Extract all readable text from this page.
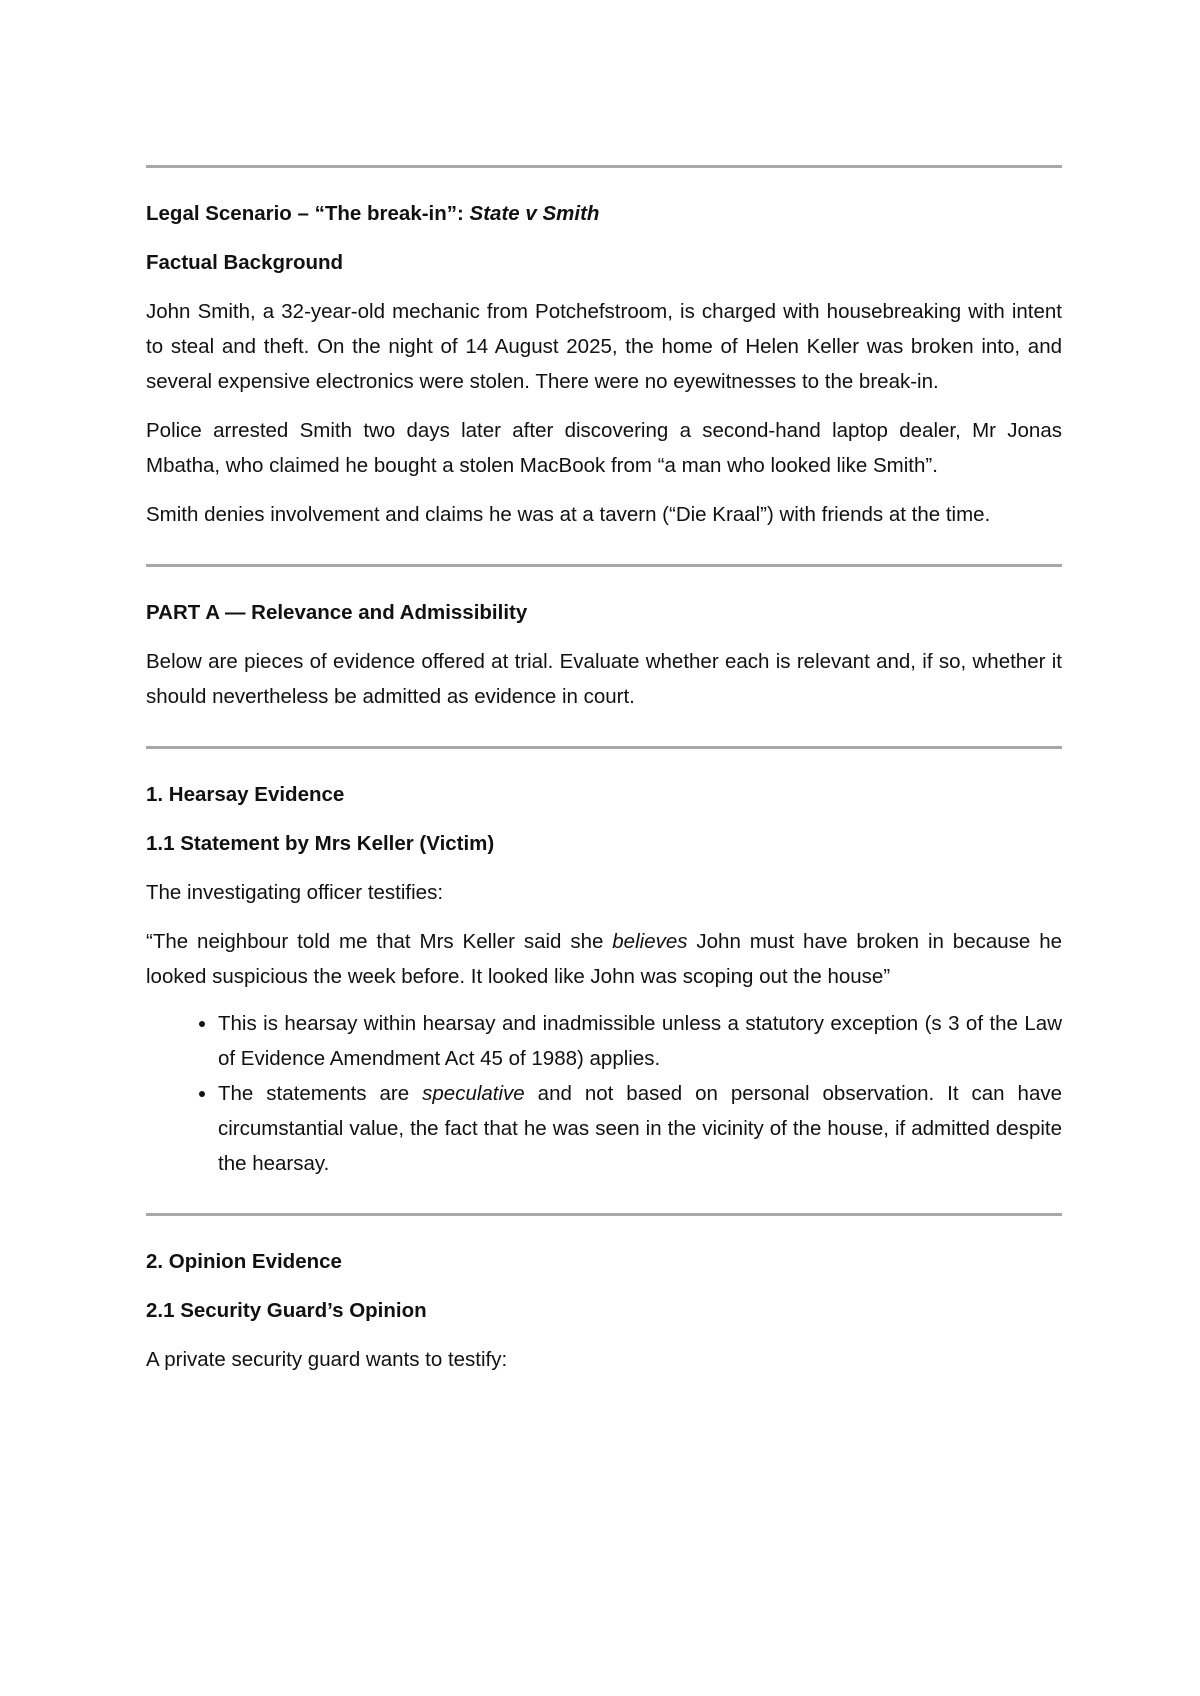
Legal Scenario – “The break-in”: State v Smith

Factual Background

John Smith, a 32-year-old mechanic from Potchefstroom, is charged with housebreaking with intent to steal and theft. On the night of 14 August 2025, the home of Helen Keller was broken into, and several expensive electronics were stolen. There were no eyewitnesses to the break-in.

Police arrested Smith two days later after discovering a second-hand laptop dealer, Mr Jonas Mbatha, who claimed he bought a stolen MacBook from “a man who looked like Smith”.

Smith denies involvement and claims he was at a tavern (“Die Kraal”) with friends at the time.

PART A — Relevance and Admissibility

Below are pieces of evidence offered at trial. Evaluate whether each is relevant and, if so, whether it should nevertheless be admitted as evidence in court.

1. Hearsay Evidence

1.1 Statement by Mrs Keller (Victim)

The investigating officer testifies:

“The neighbour told me that Mrs Keller said she believes John must have broken in because he looked suspicious the week before. It looked like John was scoping out the house”

• This is hearsay within hearsay and inadmissible unless a statutory exception (s 3 of the Law of Evidence Amendment Act 45 of 1988) applies.
• The statements are speculative and not based on personal observation. It can have circumstantial value, the fact that he was seen in the vicinity of the house, if admitted despite the hearsay.

2. Opinion Evidence

2.1 Security Guard’s Opinion

A private security guard wants to testify:
